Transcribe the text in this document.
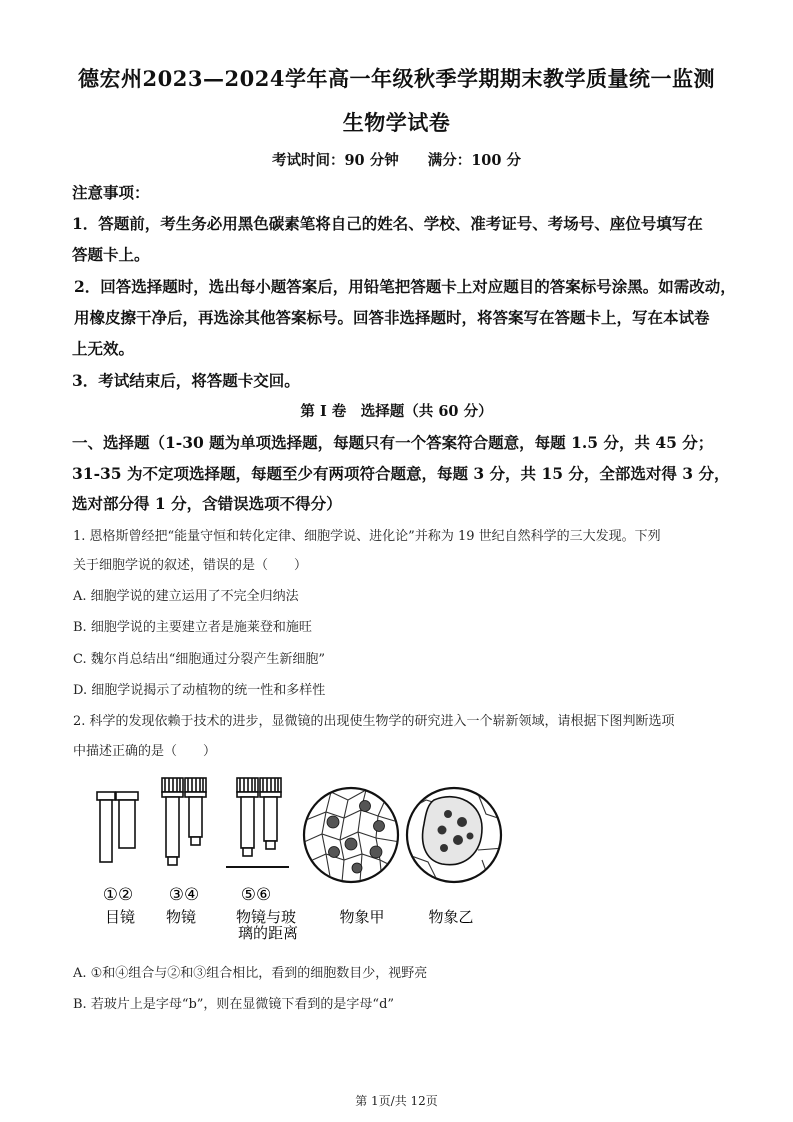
德宏州2023—2024学年高一年级秋季学期期末教学质量统一监测
生物学试卷
考试时间：90 分钟　　满分：100 分
注意事项：
1．答题前，考生务必用黑色碳素笔将自己的姓名、学校、准考证号、考场号、座位号填写在
答题卡上。
2．回答选择题时，选出每小题答案后，用铅笔把答题卡上对应题目的答案标号涂黑。如需改动，
用橡皮擦干净后，再选涂其他答案标号。回答非选择题时，将答案写在答题卡上，写在本试卷
上无效。
3．考试结束后，将答题卡交回。
第 I 卷　选择题（共 60 分）
一、选择题（1-30 题为单项选择题，每题只有一个答案符合题意，每题 1.5 分，共 45 分；
31-35 为不定项选择题，每题至少有两项符合题意，每题 3 分，共 15 分，全部选对得 3 分，
选对部分得 1 分，含错误选项不得分）
1. 恩格斯曾经把“能量守恒和转化定律、细胞学说、进化论”并称为 19 世纪自然科学的三大发现。下列
关于细胞学说的叙述，错误的是（　　）
A. 细胞学说的建立运用了不完全归纳法
B. 细胞学说的主要建立者是施莱登和施旺
C. 魏尔肖总结出“细胞通过分裂产生新细胞”
D. 细胞学说揭示了动植物的统一性和多样性
2. 科学的发现依赖于技术的进步，显微镜的出现使生物学的研究进入一个崭新领域，请根据下图判断选项
中描述正确的是（　　）
①② ③④ ⑤⑥
目镜 物镜	物镜与玻
璃的距离
物象甲	物象乙
A. ①和④组合与②和③组合相比，看到的细胞数目少，视野亮
B. 若玻片上是字母“b”，则在显微镜下看到的是字母“d”
第 1页/共 12页
